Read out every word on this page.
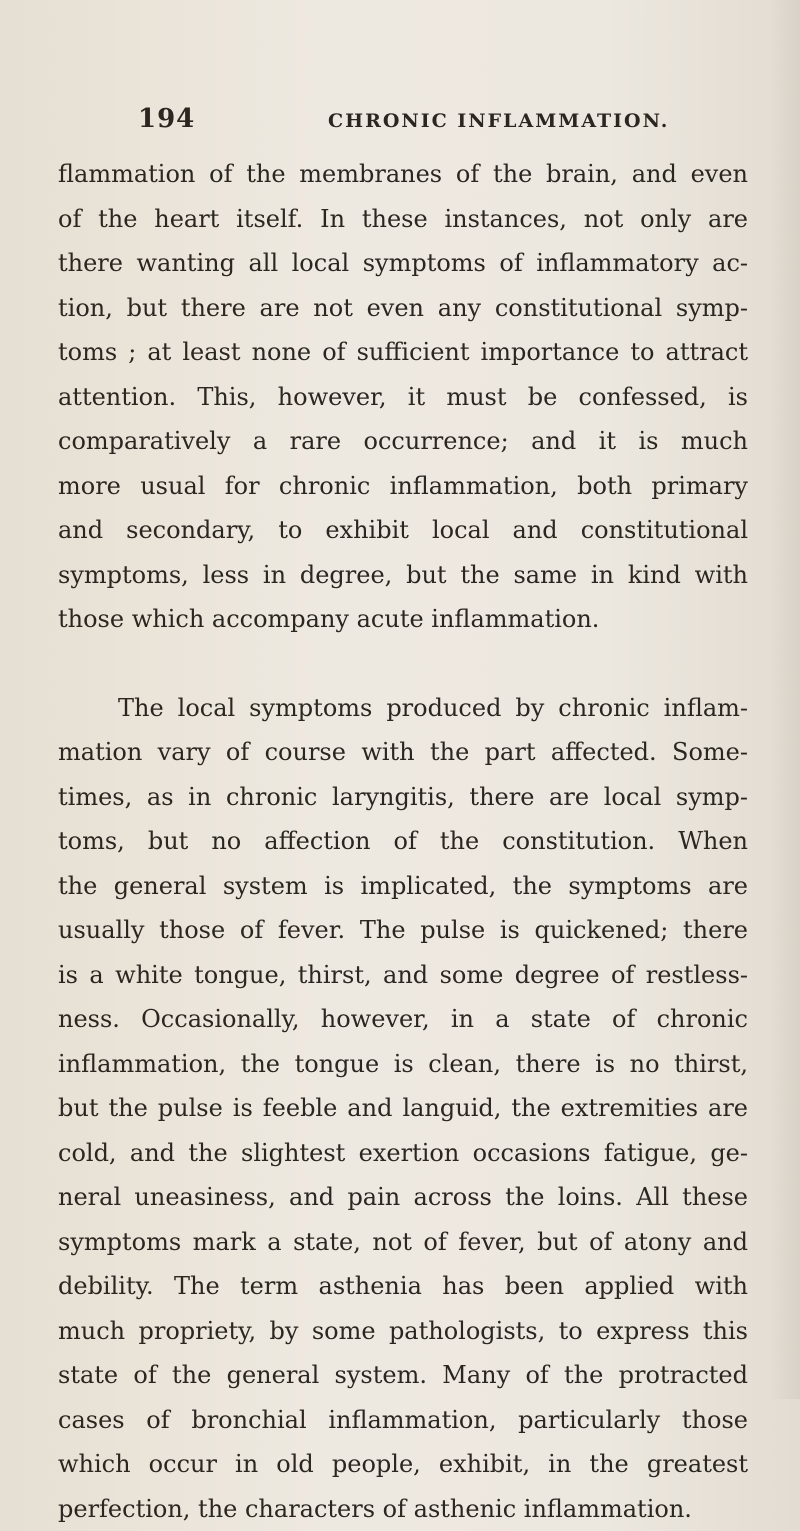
194	CHRONIC INFLAMMATION.

flammation of the membranes of the brain, and even
of the heart itself. In these instances, not only are
there wanting all local symptoms of inflammatory ac-
tion, but there are not even any constitutional symp-
toms ; at least none of sufficient importance to attract
attention. This, however, it must be confessed, is
comparatively a rare occurrence; and it is much
more usual for chronic inflammation, both primary
and secondary, to exhibit local and constitutional
symptoms, less in degree, but the same in kind with
those which accompany acute inflammation.

The local symptoms produced by chronic inflam-
mation vary of course with the part affected. Some-
times, as in chronic laryngitis, there are local symp-
toms, but no affection of the constitution. When
the general system is implicated, the symptoms are
usually those of fever. The pulse is quickened; there
is a white tongue, thirst, and some degree of restless-
ness. Occasionally, however, in a state of chronic
inflammation, the tongue is clean, there is no thirst,
but the pulse is feeble and languid, the extremities are
cold, and the slightest exertion occasions fatigue, ge-
neral uneasiness, and pain across the loins. All these
symptoms mark a state, not of fever, but of atony and
debility. The term asthenia has been applied with
much propriety, by some pathologists, to express this
state of the general system. Many of the protracted
cases of bronchial inflammation, particularly those
which occur in old people, exhibit, in the greatest
perfection, the characters of asthenic inflammation.
